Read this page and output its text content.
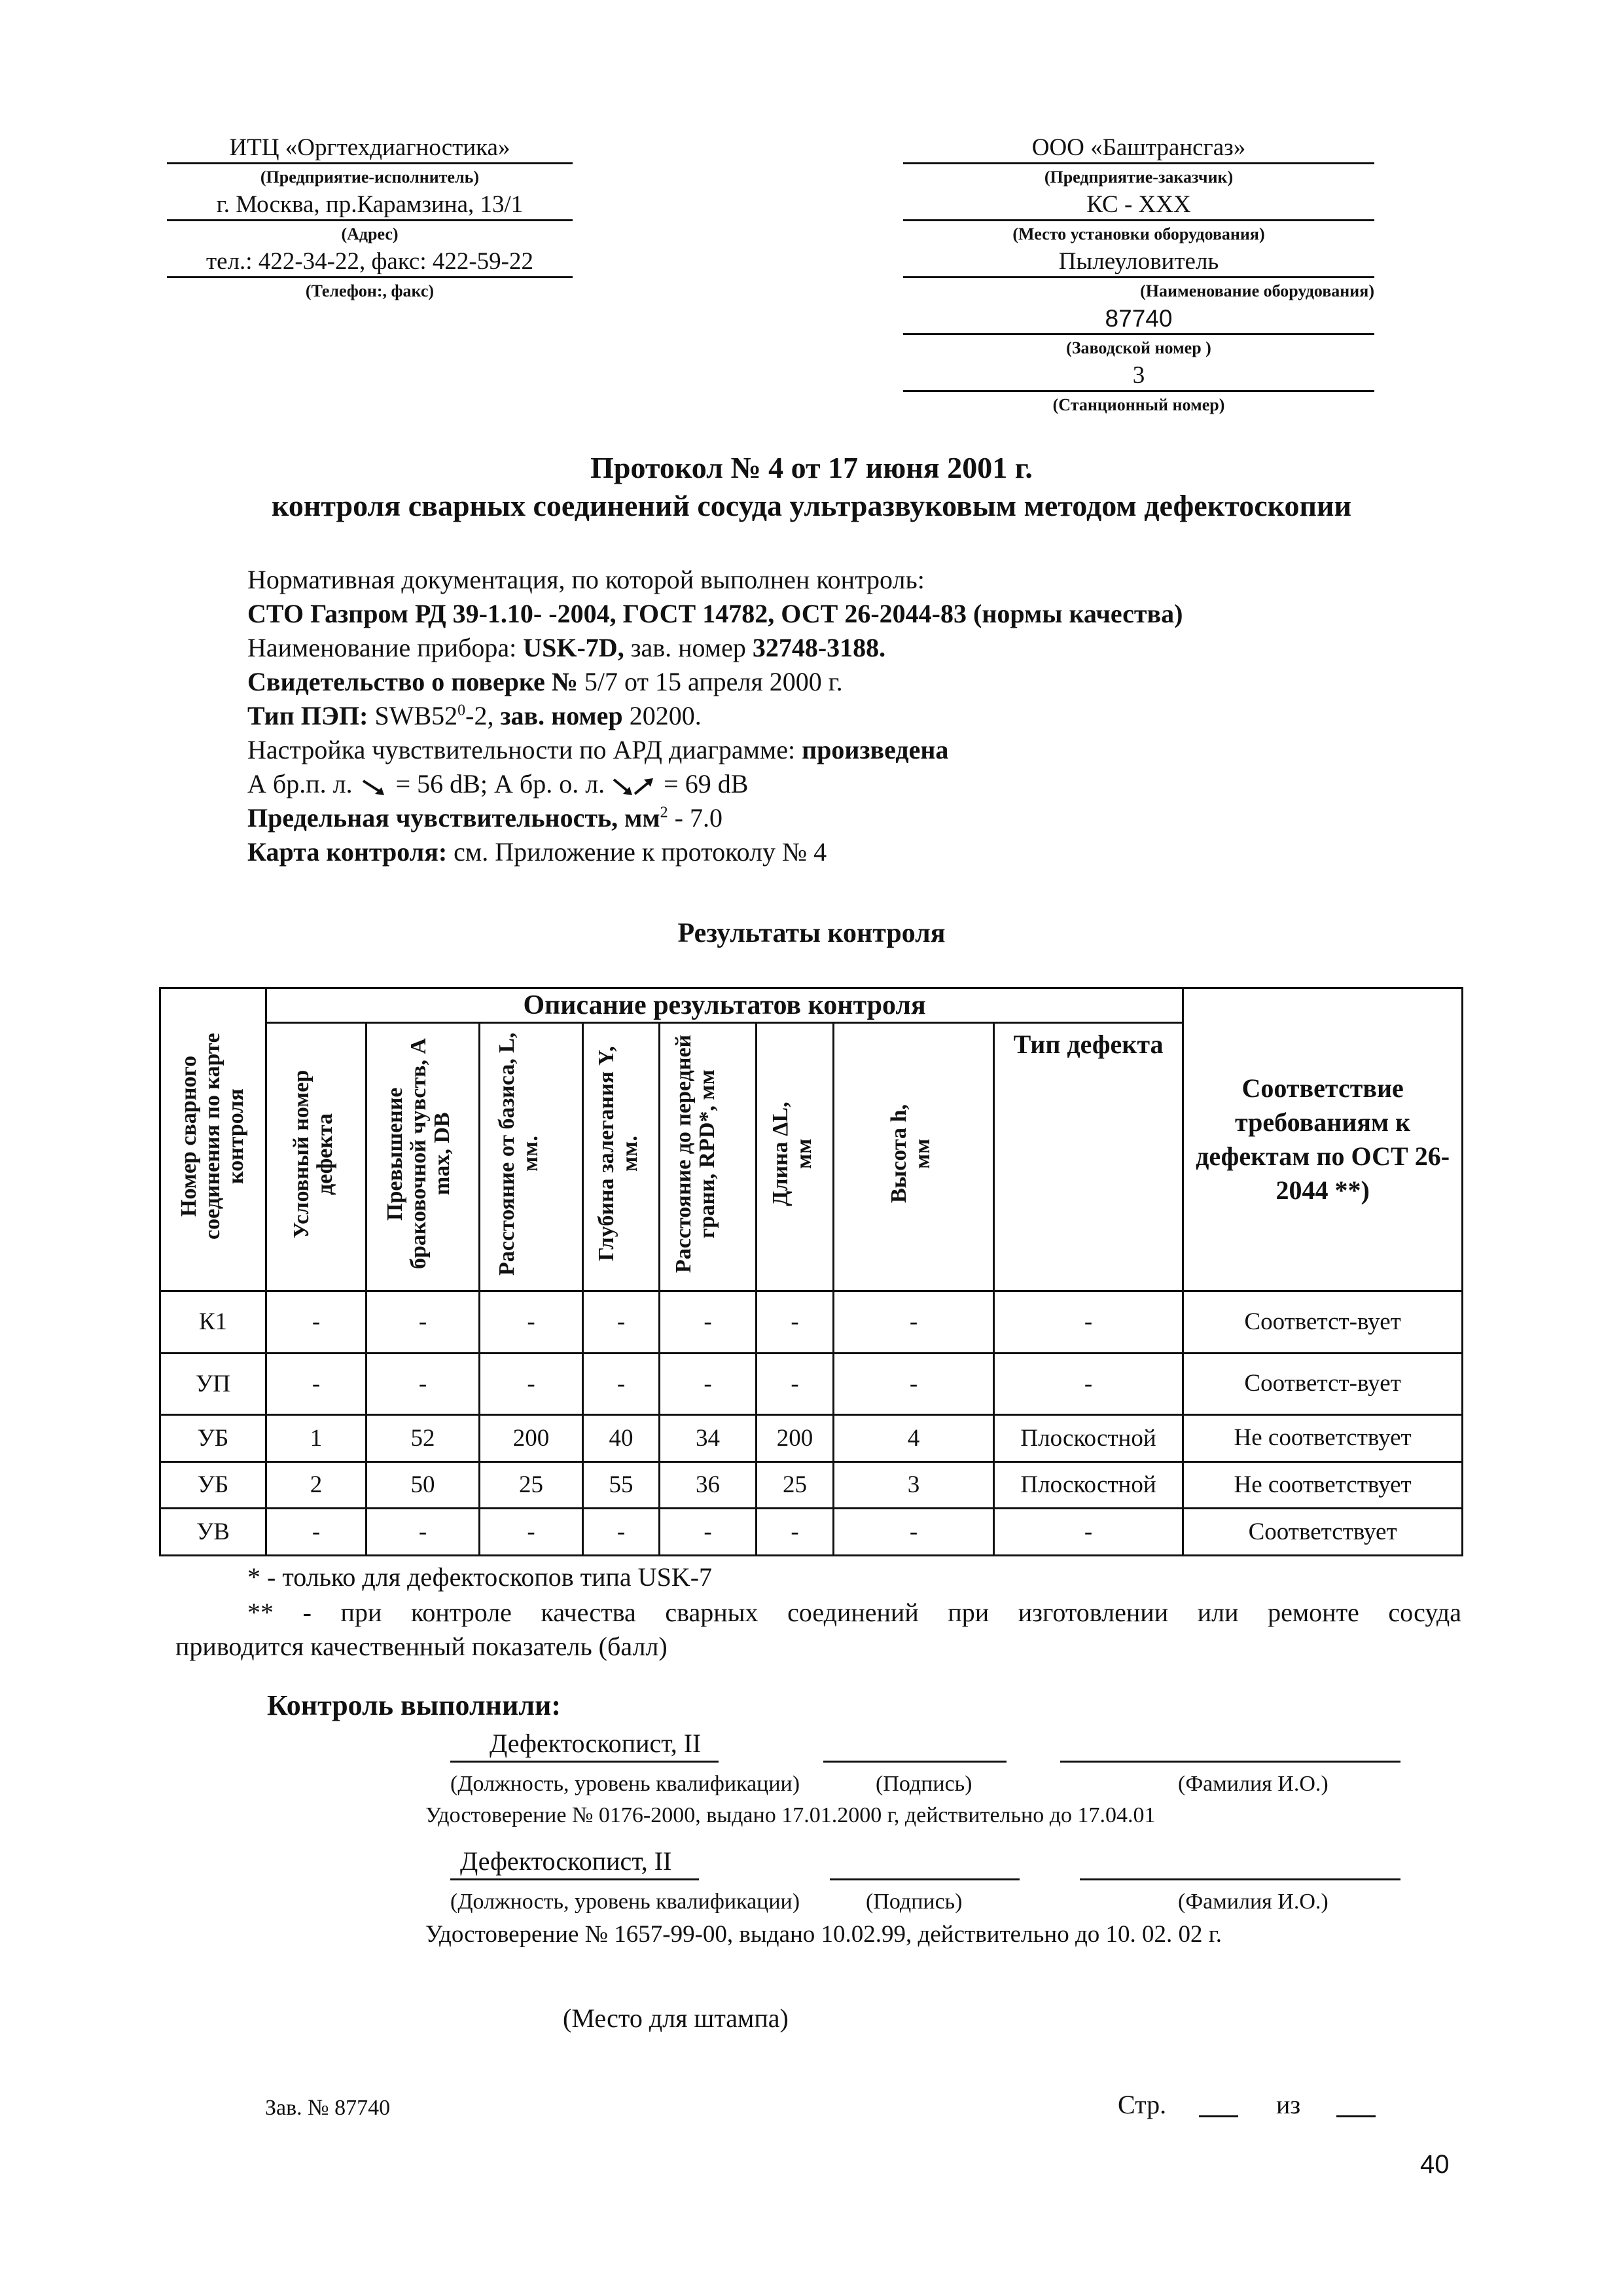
ИТЦ «Оргтехдиагностика»
(Предприятие-исполнитель)
г. Москва, пр.Карамзина, 13/1
(Адрес)
тел.: 422-34-22, факс: 422-59-22
(Телефон:, факс)
ООО «Баштрансгаз»
(Предприятие-заказчик)
КС - XXX
(Место установки оборудования)
Пылеуловитель
(Наименование оборудования)
87740
(Заводской номер )
3
(Станционный номер)
Протокол № 4 от 17 июня 2001 г.
контроля сварных соединений сосуда ультразвуковым методом дефектоскопии
Нормативная документация, по которой выполнен контроль:
СТО Газпром РД 39-1.10- -2004, ГОСТ 14782, ОСТ 26-2044-83 (нормы качества)
Наименование прибора: USK-7D, зав. номер 32748-3188.
Свидетельство о поверке № 5/7 от 15 апреля 2000 г.
Тип ПЭП: $SWB52^0-2$, зав. номер 20200.
Настройка чувствительности по АРД диаграмме: произведена
А бр.п. л.  = 56 dB; А бр. о. л.  = 69 dB
Предельная чувствительность, $мм^2 - 7.0$
Карта контроля: см. Приложение к протоколу № 4
Результаты контроля
Номер сварного соединения по карте контроля	Описание результатов контроля								Соответствие требованиям к дефектам по ОСТ 26-2044 **)
	Условный номер дефекта	Превышение браковочной чувств, А max, DB	Расстояние от базиса, L, мм.	Глубина залегания Y, мм.	Расстояние до передней грани, RPD*, мм	Длина ΔL, мм	Высота h, мм	Тип дефекта	
К1	-	-	-	-	-	-	-	-	Соответст-вует
УП	-	-	-	-	-	-	-	-	Соответст-вует
УБ	1	52	200	40	34	200	4	Плоскостной	Не соответствует
УБ	2	50	25	55	36	25	3	Плоскостной	Не соответствует
УВ	-	-	-	-	-	-	-	-	Соответствует
* - только для дефектоскопов типа USK-7
** - при контроле качества сварных соединений при изготовлении или ремонте сосуда
приводится качественный показатель (балл)
Контроль выполнили:
Дефектоскопист, II
(Должность, уровень квалификации)	(Подпись)	(Фамилия И.О.)
Удостоверение № 0176-2000, выдано 17.01.2000 г, действительно до 17.04.01
Дефектоскопист, II
(Должность, уровень квалификации)	(Подпись)	(Фамилия И.О.)
Удостоверение № 1657-99-00, выдано 10.02.99, действительно до 10. 02. 02 г.
(Место для штампа)
Зав. № 87740	Стр.	из
40
